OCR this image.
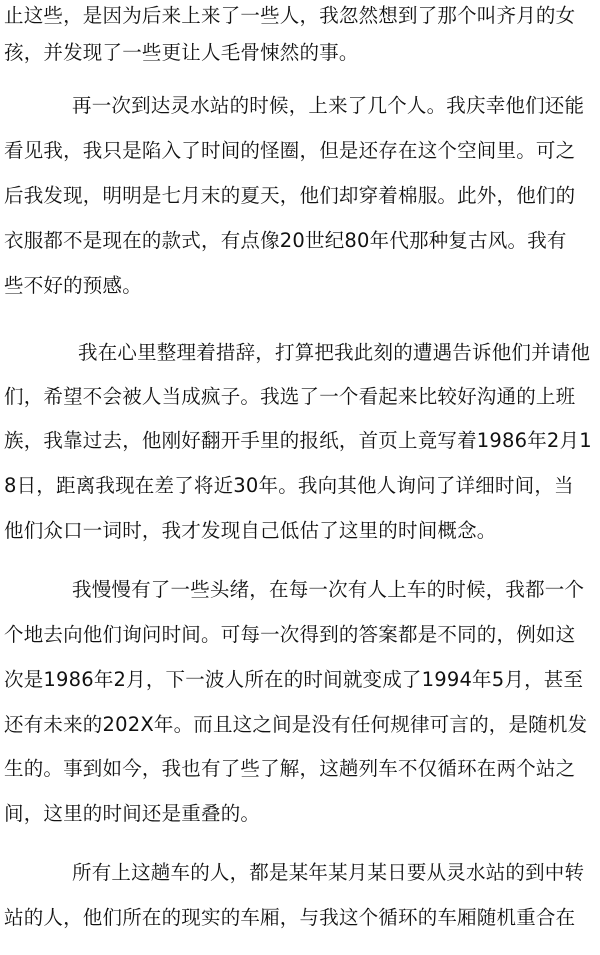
止这些，是因为后来上来了一些人，我忽然想到了那个叫齐月的女
孩，并发现了一些更让人毛骨悚然的事。
再一次到达灵水站的时候，上来了几个人。我庆幸他们还能
看见我，我只是陷入了时间的怪圈，但是还存在这个空间里。可之
后我发现，明明是七月末的夏天，他们却穿着棉服。此外，他们的
衣服都不是现在的款式，有点像20世纪80年代那种复古风。我有
些不好的预感。
我在心里整理着措辞，打算把我此刻的遭遇告诉他们并请他
们，希望不会被人当成疯子。我选了一个看起来比较好沟通的上班
族，我靠过去，他刚好翻开手里的报纸，首页上竟写着1986年2月1
8日，距离我现在差了将近30年。我向其他人询问了详细时间，当
他们众口一词时，我才发现自己低估了这里的时间概念。
我慢慢有了一些头绪，在每一次有人上车的时候，我都一个
个地去向他们询问时间。可每一次得到的答案都是不同的，例如这
次是1986年2月，下一波人所在的时间就变成了1994年5月，甚至
还有未来的202X年。而且这之间是没有任何规律可言的，是随机发
生的。事到如今，我也有了些了解，这趟列车不仅循环在两个站之
间，这里的时间还是重叠的。
所有上这趟车的人，都是某年某月某日要从灵水站的到中转
站的人，他们所在的现实的车厢，与我这个循环的车厢随机重合在
